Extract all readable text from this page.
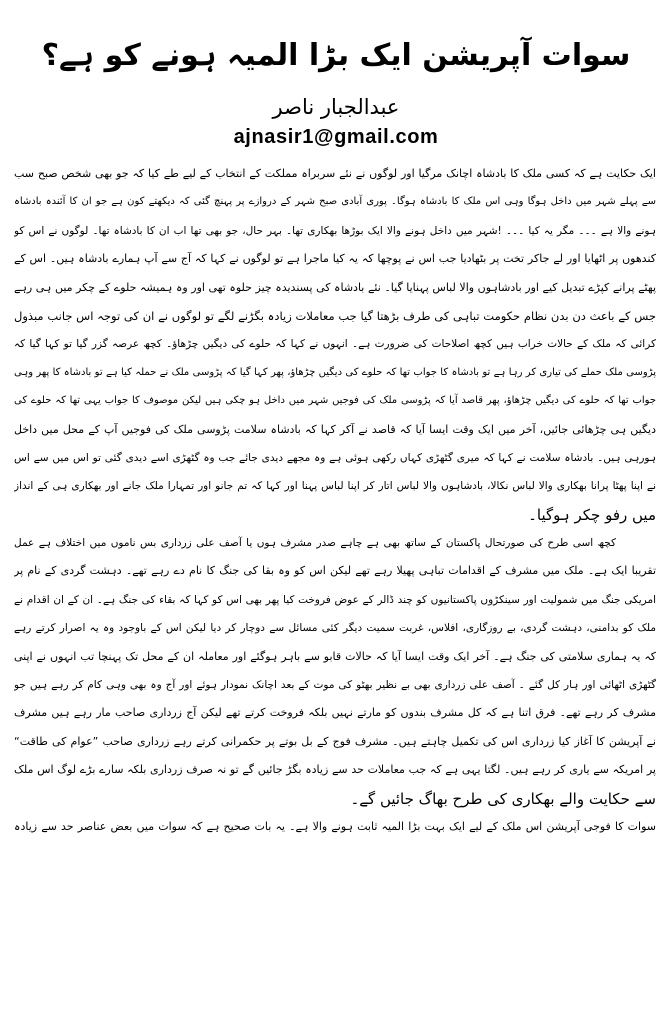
سوات آپریشن ایک بڑا المیہ ہونے کو ہے؟
عبدالجبار ناصر
ajnasir1@gmail.com
ایک حکایت ہے کہ کسی ملک کا بادشاہ اچانک مرگیا اور لوگوں نے نئے سربراہ مملکت کے انتخاب کے لیے طے کیا کہ جو بھی شخص صبح سب
سے پہلے شہر میں داخل ہوگا وہی اس ملک کا بادشاہ ہوگا۔ پوری آبادی صبح شہر کے دروازے پر پہنچ گئی کہ دیکھتے کون ہے جو ان کا آئندہ بادشاہ
ہونے والا ہے ۔۔۔ مگر یہ کیا ۔۔۔ !شہر میں داخل ہونے والا ایک بوڑھا بھکاری تھا۔ بہر حال، جو بھی تھا اب ان کا بادشاہ تھا۔ لوگوں نے اس کو
کندھوں پر اٹھایا اور لے جاکر تخت پر بٹھادیا جب اس نے پوچھا کہ یہ کیا ماجرا ہے تو لوگوں نے کہا کہ آج سے آپ ہمارے بادشاہ ہیں۔ اس کے
پھٹے پرانے کپڑے تبدیل کیے اور بادشاہوں والا لباس پہنایا گیا۔ نئے بادشاہ کی پسندیدہ چیز حلوہ تھی اور وہ ہمیشہ حلوے کے چکر میں ہی رہے
جس کے باعث دن بدن نظام حکومت تباہی کی طرف بڑھتا گیا جب معاملات زیادہ بگڑنے لگے تو لوگوں نے ان کی توجہ اس جانب مبذول
کرائی کہ ملک کے حالات خراب ہیں کچھ اصلاحات کی ضرورت ہے۔ انہوں نے کہا کہ حلوے کی دیگیں چڑھاؤ۔ کچھ عرصہ گزر گیا تو کہا گیا کہ
پڑوسی ملک حملے کی تیاری کر رہا ہے تو بادشاہ کا جواب تھا کہ حلوے کی دیگیں چڑھاؤ، پھر کہا گیا کہ پڑوسی ملک نے حملہ کیا ہے تو بادشاہ کا پھر وہی
جواب تھا کہ حلوے کی دیگیں چڑھاؤ، پھر قاصد آیا کہ پڑوسی ملک کی فوجیں شہر میں داخل ہو چکی ہیں لیکن موصوف کا جواب یہی تھا کہ حلوے کی
دیگیں ہی چڑھائی جائیں، آخر میں ایک وقت ایسا آیا کہ قاصد نے آکر کہا کہ بادشاہ سلامت پڑوسی ملک کی فوجیں آپ کے محل میں داخل
ہورہی ہیں۔ بادشاہ سلامت نے کہا کہ میری گٹھڑی کہاں رکھی ہوئی ہے وہ مجھے دیدی جائے جب وہ گٹھڑی اسے دیدی گئی تو اس میں سے اس
نے اپنا پھٹا پرانا بھکاری والا لباس نکالا، بادشاہوں والا لباس اتار کر اپنا لباس پہنا اور کہا کہ تم جانو اور تمہارا ملک جانے اور بھکاری ہی کے انداز
میں رفو چکر ہوگیا۔
کچھ اسی طرح کی صورتحال پاکستان کے ساتھ بھی ہے چاہے صدر مشرف ہوں یا آصف علی زرداری بس ناموں میں اختلاف ہے عمل
تقریبا ایک ہے۔ ملک میں مشرف کے اقدامات تباہی پھیلا رہے تھے لیکن اس کو وہ بقا کی جنگ کا نام دے رہے تھے۔ دہشت گردی کے نام پر
امریکی جنگ میں شمولیت اور سینکڑوں پاکستانیوں کو چند ڈالر کے عوض فروخت کیا پھر بھی اس کو کہا کہ بقاء کی جنگ ہے۔ ان کے ان اقدام نے
ملک کو بدامنی، دہشت گردی، بے روزگاری، افلاس، غربت سمیت دیگر کئی مسائل سے دوچار کر دیا لیکن اس کے باوجود وہ یہ اصرار کرتے رہے
کہ یہ ہماری سلامتی کی جنگ ہے۔ آخر ایک وقت ایسا آیا کہ حالات قابو سے باہر ہوگئے اور معاملہ ان کے محل تک پہنچا تب انہوں نے اپنی
گٹھڑی اٹھائی اور ہار کل گئے ۔ آصف علی زرداری بھی بے نظیر بھٹو کی موت کے بعد اچانک نمودار ہوئے اور آج وہ بھی وہی کام کر رہے ہیں جو
مشرف کر رہے تھے۔ فرق اتنا ہے کہ کل مشرف بندوں کو مارتے نہیں بلکہ فروخت کرتے تھے لیکن آج زرداری صاحب مار رہے ہیں مشرف
نے آپریشن کا آغاز کیا زرداری اس کی تکمیل چاہتے ہیں۔ مشرف فوج کے بل بوتے پر حکمرانی کرتے رہے زرداری صاحب ”عوام کی طاقت“
پر امریکہ سے یاری کر رہے ہیں۔ لگتا یہی ہے کہ جب معاملات حد سے زیادہ بگڑ جائیں گے تو نہ صرف زرداری بلکہ سارے بڑے لوگ اس ملک
سے حکایت والے بھکاری کی طرح بھاگ جائیں گے۔
سوات کا فوجی آپریشن اس ملک کے لیے ایک بہت بڑا المیہ ثابت ہونے والا ہے۔ یہ بات صحیح ہے کہ سوات میں بعض عناصر حد سے زیادہ
